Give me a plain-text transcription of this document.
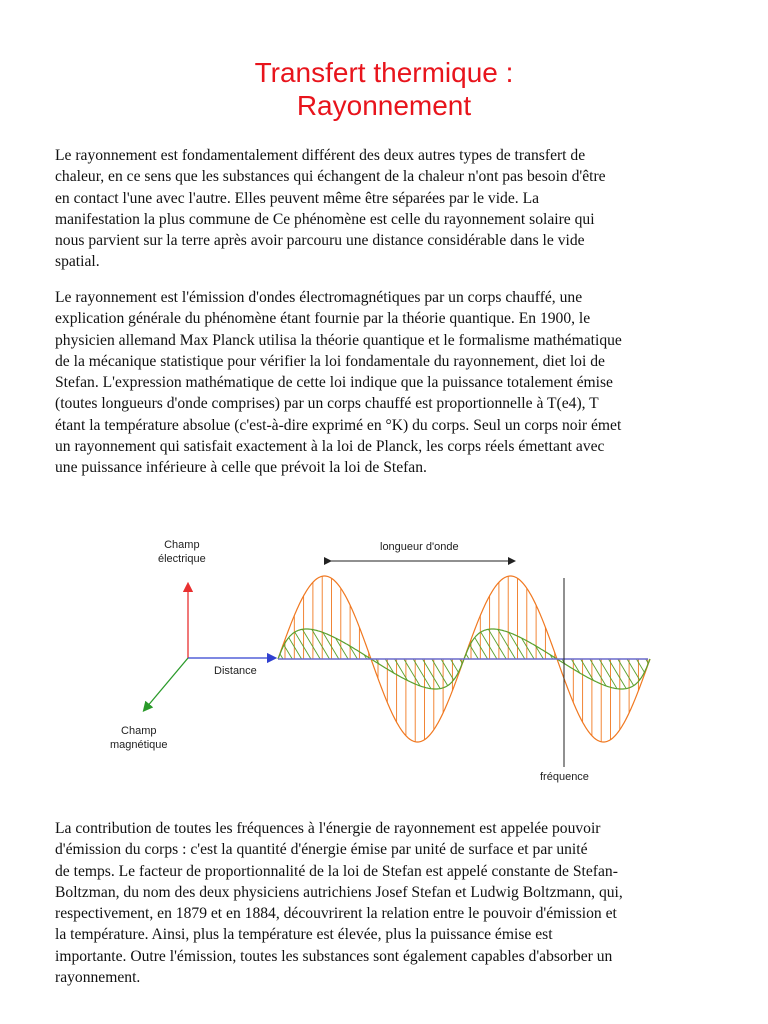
Transfert thermique :
Rayonnement

Le rayonnement est fondamentalement différent des deux autres types de transfert de
chaleur, en ce sens que les substances qui échangent de la chaleur n'ont pas besoin d'être
en contact l'une avec l'autre. Elles peuvent même être séparées par le vide. La
manifestation la plus commune de Ce phénomène est celle du rayonnement solaire qui
nous parvient sur la terre après avoir parcouru une distance considérable dans le vide
spatial.

Le rayonnement est l'émission d'ondes électromagnétiques par un corps chauffé, une
explication générale du phénomène étant fournie par la théorie quantique. En 1900, le
physicien allemand Max Planck utilisa la théorie quantique et le formalisme mathématique
de la mécanique statistique pour vérifier la loi fondamentale du rayonnement, diet loi de
Stefan. L'expression mathématique de cette loi indique que la puissance totalement émise
(toutes longueurs d'onde comprises) par un corps chauffé est proportionnelle à T(e4), T
étant la température absolue (c'est-à-dire exprimé en °K) du corps. Seul un corps noir émet
un rayonnement qui satisfait exactement à la loi de Planck, les corps réels émettant avec
une puissance inférieure à celle que prévoit la loi de Stefan.

Champ
électrique
longueur d'onde
Distance
Champ
magnétique
fréquence

La contribution de toutes les fréquences à l'énergie de rayonnement est appelée pouvoir
d'émission du corps : c'est la quantité d'énergie émise par unité de surface et par unité
de temps. Le facteur de proportionnalité de la loi de Stefan est appelé constante de Stefan-
Boltzman, du nom des deux physiciens autrichiens Josef Stefan et Ludwig Boltzmann, qui,
respectivement, en 1879 et en 1884, découvrirent la relation entre le pouvoir d'émission et
la température. Ainsi, plus la température est élevée, plus la puissance émise est
importante. Outre l'émission, toutes les substances sont également capables d'absorber un
rayonnement.
